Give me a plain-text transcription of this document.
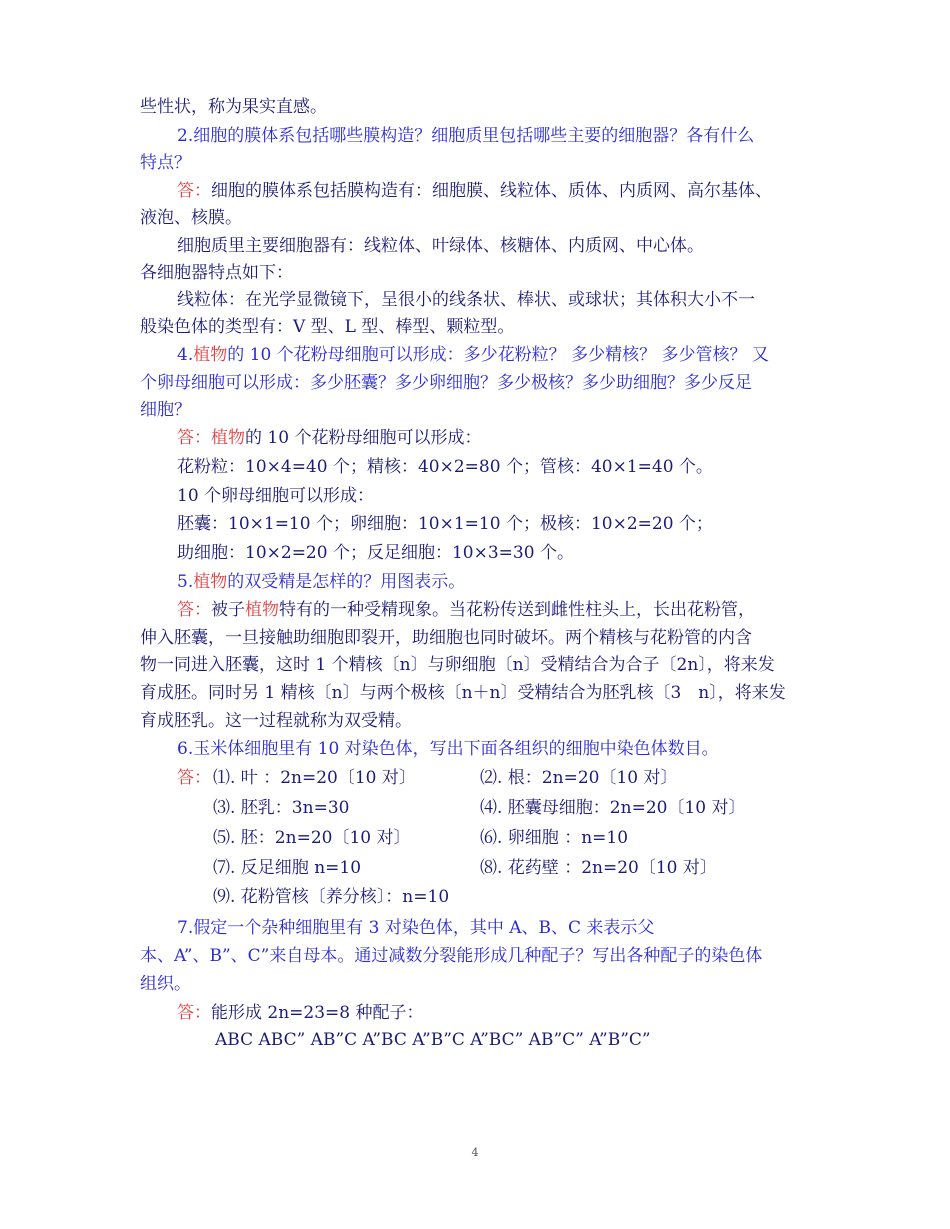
些性状，称为果实直感。
2.细胞的膜体系包括哪些膜构造？细胞质里包括哪些主要的细胞器？各有什么
特点？
答：细胞的膜体系包括膜构造有：细胞膜、线粒体、质体、内质网、高尔基体、
液泡、核膜。
细胞质里主要细胞器有：线粒体、叶绿体、核糖体、内质网、中心体。
各细胞器特点如下：
线粒体：在光学显微镜下，呈很小的线条状、棒状、或球状；其体积大小不一
般染色体的类型有：V 型、L 型、棒型、颗粒型。
4.植物的 10 个花粉母细胞可以形成：多少花粉粒？ 多少精核？ 多少管核？ 又
个卵母细胞可以形成：多少胚囊？多少卵细胞？多少极核？多少助细胞？多少反足
细胞？
答：植物的 10 个花粉母细胞可以形成：
花粉粒：10×4=40 个；精核：40×2=80 个；管核：40×1=40 个。
10 个卵母细胞可以形成：
胚囊：10×1=10 个；卵细胞：10×1=10 个；极核：10×2=20 个；
助细胞：10×2=20 个；反足细胞：10×3=30 个。
5.植物的双受精是怎样的？用图表示。
答：被子植物特有的一种受精现象。当花粉传送到雌性柱头上，长出花粉管，
伸入胚囊，一旦接触助细胞即裂开，助细胞也同时破坏。两个精核与花粉管的内含
物一同进入胚囊，这时 1 个精核〔n〕与卵细胞〔n〕受精结合为合子〔2n〕，将来发
育成胚。同时另 1 精核〔n〕与两个极核〔n＋n〕受精结合为胚乳核〔3　n〕，将来发
育成胚乳。这一过程就称为双受精。
6.玉米体细胞里有 10 对染色体，写出下面各组织的细胞中染色体数目。
答： ⑴. 叶 ：2n=20〔10 对〕	⑵. 根：2n=20〔10 对〕
⑶. 胚乳：3n=30	⑷. 胚囊母细胞：2n=20〔10 对〕
⑸. 胚：2n=20〔10 对〕	⑹. 卵细胞 ：n=10
⑺. 反足细胞 n=10	⑻. 花药壁 ：2n=20〔10 对〕
⑼. 花粉管核〔养分核〕：n=10
7.假定一个杂种细胞里有 3 对染色体，其中 A、B、C 来表示父
本、A”、B”、C”来自母本。通过减数分裂能形成几种配子？写出各种配子的染色体
组织。
答：能形成 2n=23=8 种配子：
ABC ABC” AB”C A”BC A”B”C A”BC” AB”C” A”B”C”
4
